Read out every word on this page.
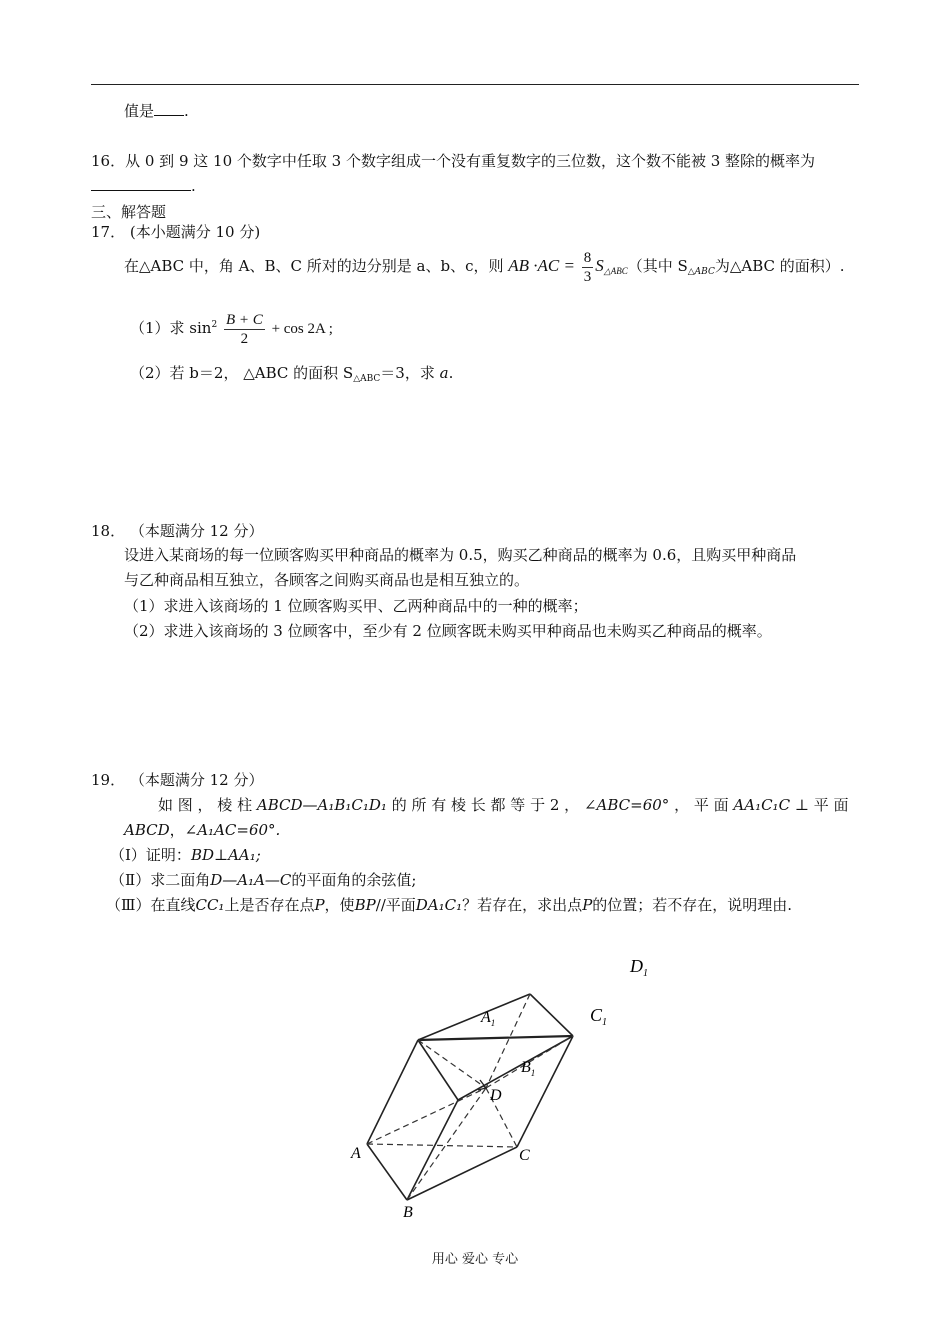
值是 .
16．从 0 到 9 这 10 个数字中任取 3 个数字组成一个没有重复数字的三位数，这个数不能被 3 整除的概率为
.
三、解答题
17． (本小题满分 10 分)
在△ABC 中，角 A、B、C 所对的边分别是 a、b、c，则 AB $\cdot AC = \frac{8}{3} S_{\triangle ABC}$（其中 $S_{\triangle ABC}$为△ABC 的面积）.
（1）求 $\sin^2 \frac{B + C}{2} + \cos 2A$ ;
（2）若 b＝2， △ABC 的面积 $S_{\triangle ABC}=3$，求 a.
18． （本题满分 12 分）
设进入某商场的每一位顾客购买甲种商品的概率为 0.5，购买乙种商品的概率为 0.6，且购买甲种商品
与乙种商品相互独立，各顾客之间购买商品也是相互独立的。
（1）求进入该商场的 1 位顾客购买甲、乙两种商品中的一种的概率；
（2）求进入该商场的 3 位顾客中，至少有 2 位顾客既未购买甲种商品也未购买乙种商品的概率。
19． （本题满分 12 分）
如 图 ， 棱 柱 ABCD—A₁B₁C₁D₁ 的 所 有 棱 长 都 等 于 2 ， ∠ABC=60° ， 平 面 AA₁C₁C ⊥ 平 面
ABCD，∠A₁AC=60°.
（Ⅰ）证明：BD⊥AA₁;
（Ⅱ）求二面角D—A₁A—C的平面角的余弦值;
（Ⅲ）在直线CC₁上是否存在点P，使BP//平面DA₁C₁？若存在，求出点P的位置；若不存在，说明理由.
$D_1$
$A_1$	$C_1$
$B_1$
D
A	C
B
用心 爱心 专心
